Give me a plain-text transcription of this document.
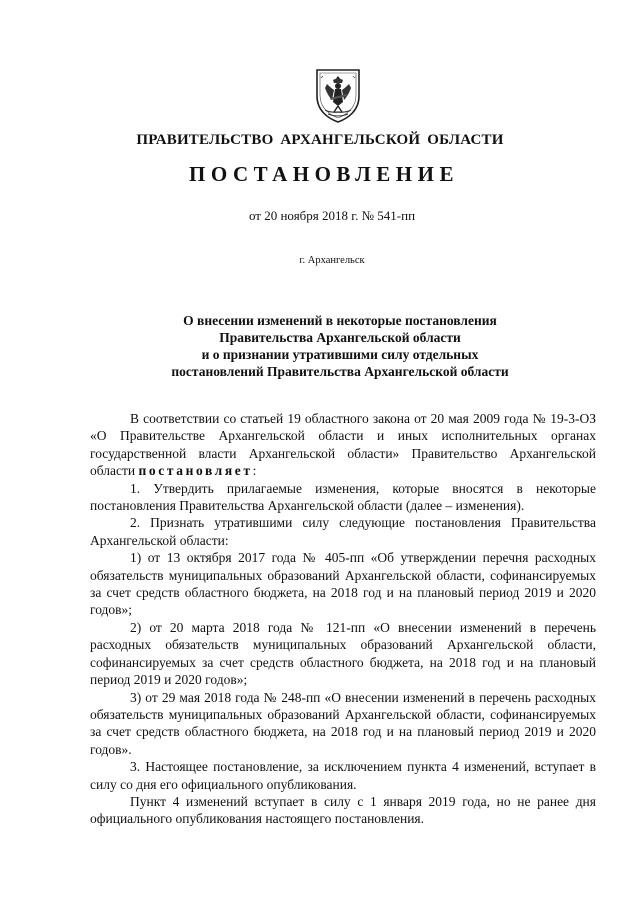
ПРАВИТЕЛЬСТВО АРХАНГЕЛЬСКОЙ ОБЛАСТИ
ПОСТАНОВЛЕНИЕ
от 20 ноября 2018 г. № 541-пп
г. Архангельск
О внесении изменений в некоторые постановления
Правительства Архангельской области
и о признании утратившими силу отдельных
постановлений Правительства Архангельской области

В соответствии со статьей 19 областного закона от 20 мая 2009 года № 19-3-ОЗ «О Правительстве Архангельской области и иных исполнительных органах государственной власти Архангельской области» Правительство Архангельской области постановляет:

1. Утвердить прилагаемые изменения, которые вносятся в некоторые постановления Правительства Архангельской области (далее – изменения).

2. Признать утратившими силу следующие постановления Правительства Архангельской области:

1) от 13 октября 2017 года № 405-пп «Об утверждении перечня расходных обязательств муниципальных образований Архангельской области, софинансируемых за счет средств областного бюджета, на 2018 год и на плановый период 2019 и 2020 годов»;

2) от 20 марта 2018 года № 121-пп «О внесении изменений в перечень расходных обязательств муниципальных образований Архангельской области, софинансируемых за счет средств областного бюджета, на 2018 год и на плановый период 2019 и 2020 годов»;

3) от 29 мая 2018 года № 248-пп «О внесении изменений в перечень расходных обязательств муниципальных образований Архангельской области, софинансируемых за счет средств областного бюджета, на 2018 год и на плановый период 2019 и 2020 годов».

3. Настоящее постановление, за исключением пункта 4 изменений, вступает в силу со дня его официального опубликования.

Пункт 4 изменений вступает в силу с 1 января 2019 года, но не ранее дня официального опубликования настоящего постановления.
